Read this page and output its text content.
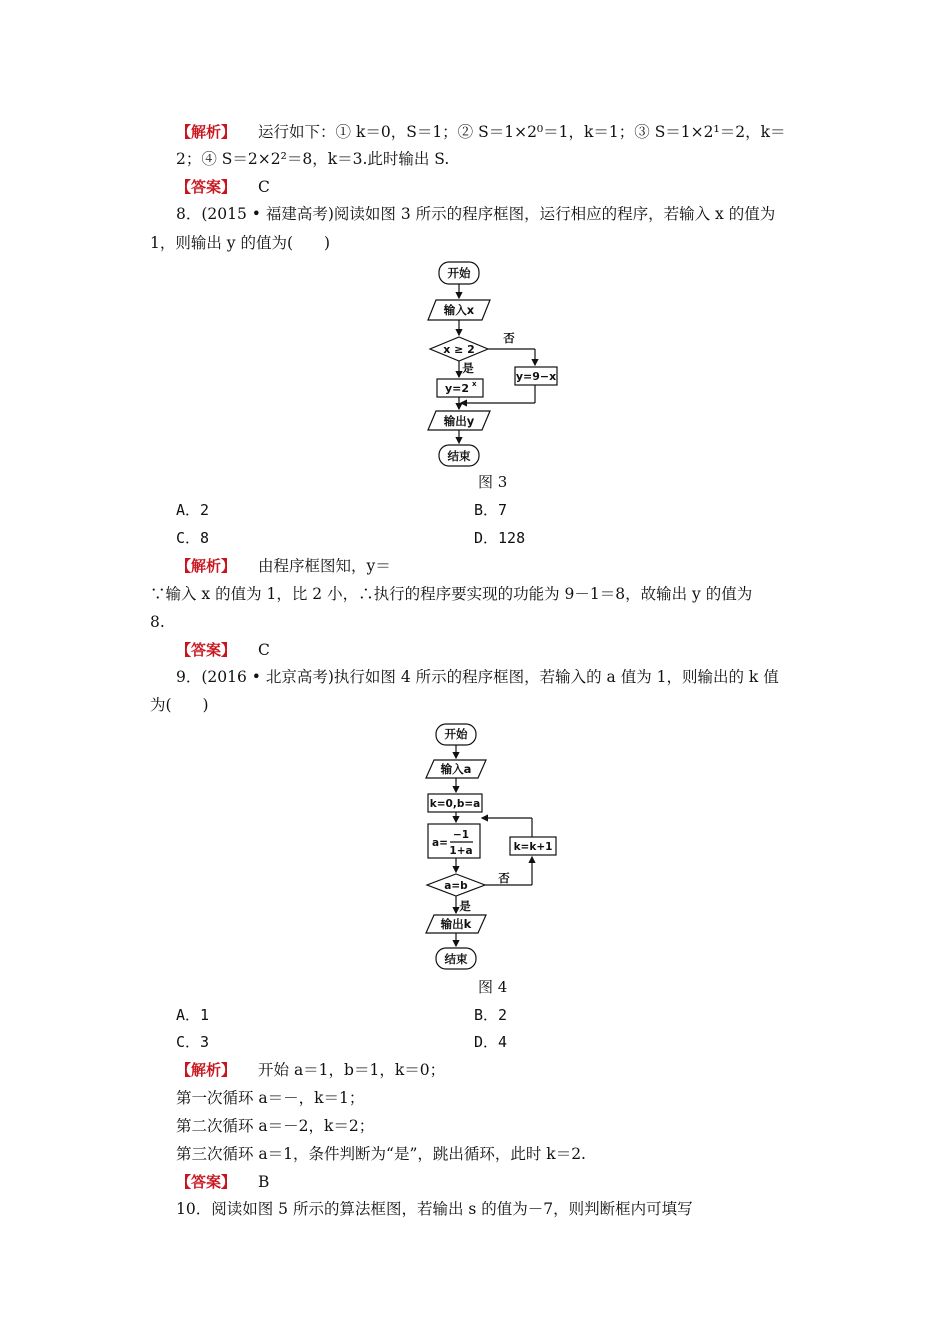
【解析】 运行如下：① k＝0，S＝1；② S＝1×2⁰＝1，k＝1；③ S＝1×2¹＝2，k＝
2；④ S＝2×2²＝8，k＝3.此时输出 S.
【答案】 C
8．(2015 • 福建高考)阅读如图 3 所示的程序框图，运行相应的程序，若输入 x 的值为
1，则输出 y 的值为(　　)
开始
输入x
x ≥ 2
否
是
y=2 x
y=9−x
输出y
结束
图 3
A．2	B．7
C．8	D．128
【解析】 由程序框图知，y＝
∵输入 x 的值为 1，比 2 小，∴执行的程序要实现的功能为 9－1＝8，故输出 y 的值为
8.
【答案】 C
9．(2016 • 北京高考)执行如图 4 所示的程序框图，若输入的 a 值为 1，则输出的 k 值
为(　　)
开始
输入a
k=0,b=a
a=
−1
1+a
a=b
否
k=k+1
是
输出k
结束
图 4
A．1	B．2
C．3	D．4
【解析】 开始 a＝1，b＝1，k＝0；
第一次循环 a＝－，k＝1；
第二次循环 a＝－2，k＝2；
第三次循环 a＝1，条件判断为“是”，跳出循环，此时 k＝2.
【答案】 B
10．阅读如图 5 所示的算法框图，若输出 s 的值为－7，则判断框内可填写
